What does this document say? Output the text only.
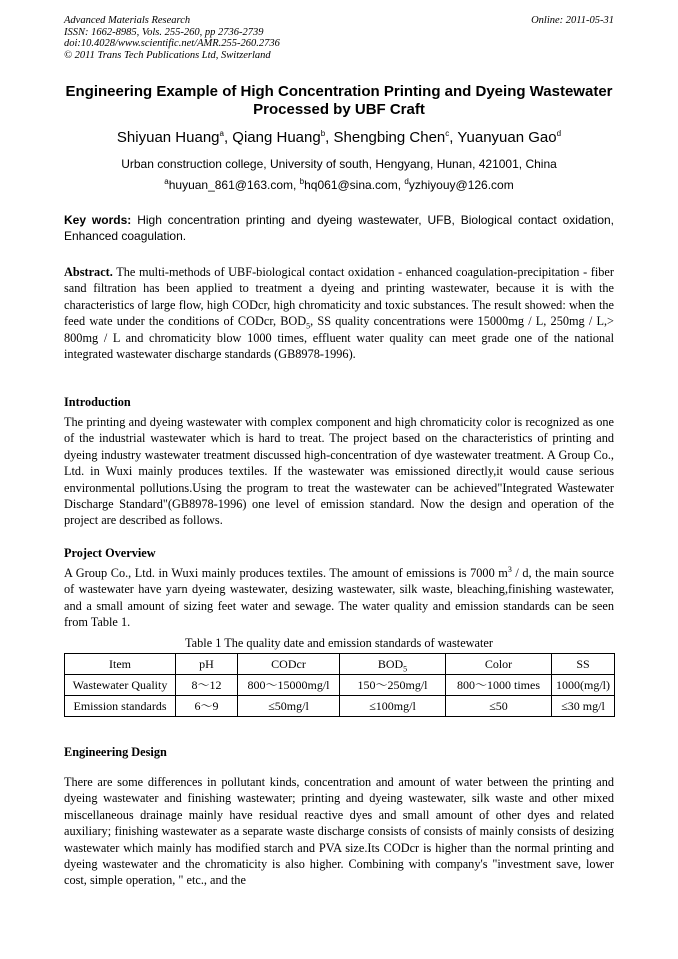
Advanced Materials Research
ISSN: 1662-8985, Vols. 255-260, pp 2736-2739
doi:10.4028/www.scientific.net/AMR.255-260.2736
© 2011 Trans Tech Publications Ltd, Switzerland
Online: 2011-05-31
Engineering Example of High Concentration Printing and Dyeing Wastewater Processed by UBF Craft
Shiyuan Huang$^a$, Qiang Huang$^b$, Shengbing Chen$^c$, Yuanyuan Gao$^d$
Urban construction college, University of south, Hengyang, Hunan, 421001, China
$^a$huyuan_861@163.com, $^b$hq061@sina.com, $^d$yzhiyouy@126.com
Key words: High concentration printing and dyeing wastewater, UFB, Biological contact oxidation, Enhanced coagulation.
Abstract. The multi-methods of UBF-biological contact oxidation - enhanced coagulation-precipitation - fiber sand filtration has been applied to treatment a dyeing and printing wastewater, because it is with the characteristics of large flow, high CODcr, high chromaticity and toxic substances. The result showed: when the feed wate under the conditions of CODcr, $BOD_5$, SS quality concentrations were 15000mg / L, 250mg / L,> 800mg / L and chromaticity blow 1000 times, effluent water quality can meet grade one of the national integrated wastewater discharge standards (GB8978-1996).
Introduction
The printing and dyeing wastewater with complex component and high chromaticity color is recognized as one of the industrial wastewater which is hard to treat. The project based on the characteristics of printing and dyeing industry wastewater treatment discussed high-concentration of dye wastewater treatment. A Group Co., Ltd. in Wuxi mainly produces textiles. If the wastewater was emissioned directly,it would cause serious environmental pollutions.Using the program to treat the wastewater can be achieved"Integrated Wastewater Discharge Standard"(GB8978-1996) one level of emission standard. Now the design and operation of the project are described as follows.
Project Overview
A Group Co., Ltd. in Wuxi mainly produces textiles. The amount of emissions is 7000 $m^3$ / d, the main source of wastewater have yarn dyeing wastewater, desizing wastewater, silk waste, bleaching,finishing wastewater, and a small amount of sizing feet water and sewage. The water quality and emission standards can be seen from Table 1.
Table 1 The quality date and emission standards of wastewater
Item	pH	CODcr	$BOD_5$	Color	SS
Wastewater Quality	8～12	800～15000mg/l	150～250mg/l	800～1000 times	1000(mg/l)
Emission standards	6～9	≤50mg/l	≤100mg/l	≤50	≤30 mg/l
Engineering Design
There are some differences in pollutant kinds, concentration and amount of water between the printing and dyeing wastewater and finishing wastewater; printing and dyeing wastewater, silk waste and other mixed miscellaneous drainage mainly have residual reactive dyes and small amount of other dyes and related auxiliary; finishing wastewater as a separate waste discharge consists of consists of mainly consists of desizing wastewater which mainly has modified starch and PVA size.Its CODcr is higher than the normal printing and dyeing wastewater and the chromaticity is also higher. Combining with company's "investment save, lower cost, simple operation, " etc., and the
